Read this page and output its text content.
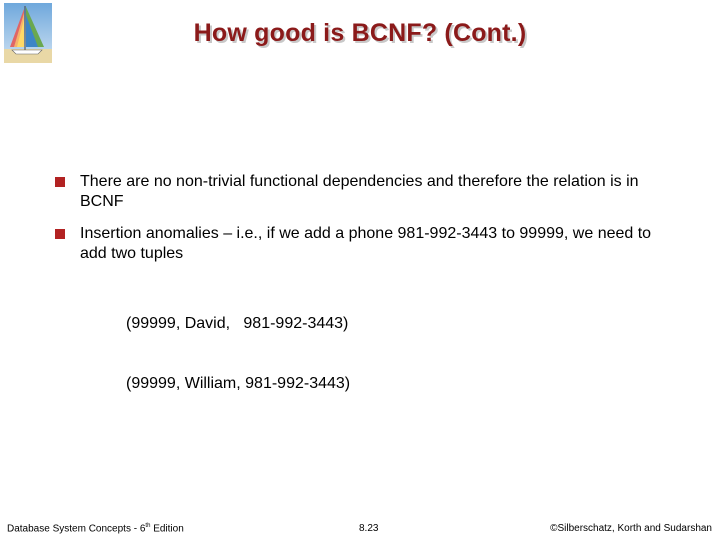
How good is BCNF? (Cont.)
There are no non-trivial functional dependencies and therefore the relation is in BCNF
Insertion anomalies – i.e., if we add a phone 981-992-3443 to 99999, we need to add two tuples

(99999, David,   981-992-3443)

(99999, William, 981-992-3443)

Database System Concepts - 6th Edition	8.23	©Silberschatz, Korth and Sudarshan
